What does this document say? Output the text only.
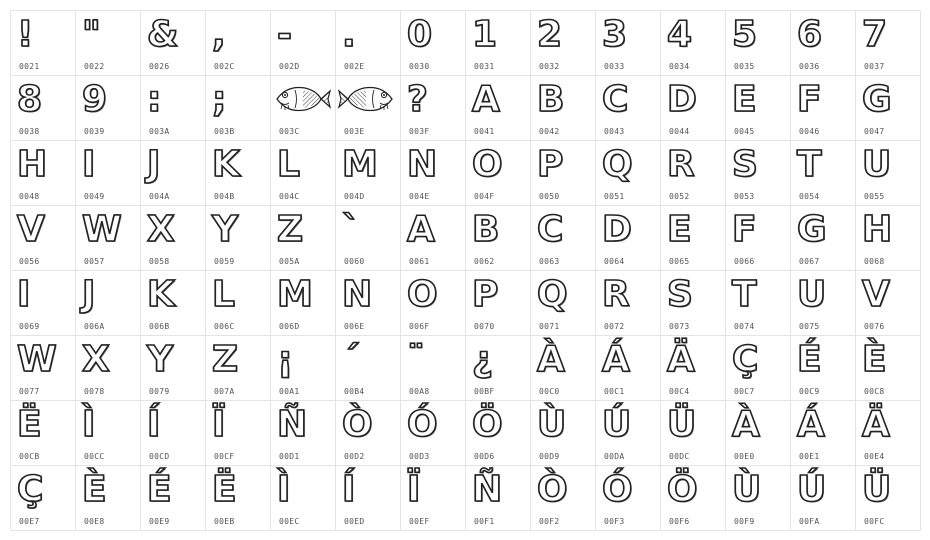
!
0021
"
0022
&
0026
,
002C
-
002D
.
002E
0
0030
1
0031
2
0032
3
0033
4
0034
5
0035
6
0036
7
0037
8
0038
9
0039
:
003A
;
003B	003C	003E
?
003F
A
0041
B
0042
C
0043
D
0044
E
0045
F
0046
G
0047
H
0048
I
0049
J
004A
K
004B
L
004C
M
004D
N
004E
O
004F
P
0050
Q
0051
R
0052
S
0053
T
0054
U
0055
V
0056
W
0057
X
0058
Y
0059
Z
005A
`
0060
A
0061
B
0062
C
0063
D
0064
E
0065
F
0066
G
0067
H
0068
I
0069
J
006A
K
006B
L
006C
M
006D
N
006E
O
006F
P
0070
Q
0071
R
0072
S
0073
T
0074
U
0075
V
0076
W
0077
X
0078
Y
0079
Z
007A
¡
00A1
´
00B4
¨
00A8
¿
00BF
À
00C0
Á
00C1
Ä
00C4
Ç
00C7
É
00C9
È
00C8
Ë
00CB
Ì
00CC
Í
00CD
Ï
00CF
Ñ
00D1
Ò
00D2
Ó
00D3
Ö
00D6
Ù
00D9
Ú
00DA
Ü
00DC
À
00E0
Á
00E1
Ä
00E4
Ç
00E7
È
00E8
É
00E9
Ë
00EB
Ì
00EC
Í
00ED
Ï
00EF
Ñ
00F1
Ò
00F2
Ó
00F3
Ö
00F6
Ù
00F9
Ú
00FA
Ü
00FC
